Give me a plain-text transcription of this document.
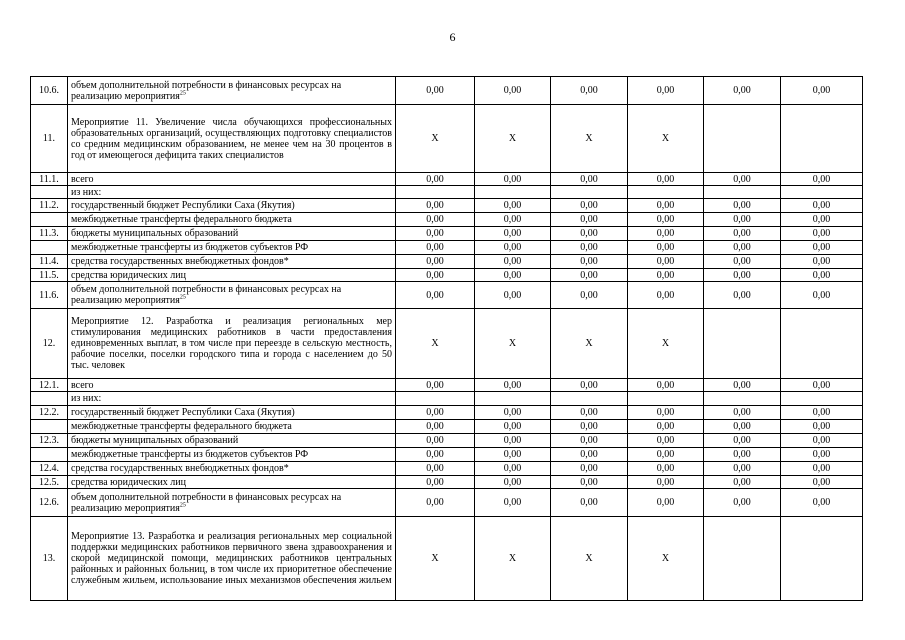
6
10.6.	объем дополнительной потребности в финансовых ресурсах на реализацию мероприятия$^{25}$	0,00	0,00	0,00	0,00	0,00	0,00
11.	Мероприятие 11. Увеличение числа обучающихся профессиональных образовательных организаций, осуществляющих подготовку специалистов со средним медицинским образованием, не менее чем на 30 процентов в год от имеющегося дефицита таких специалистов	Х	Х	Х	Х		
11.1.	всего	0,00	0,00	0,00	0,00	0,00	0,00
	из них:						
11.2.	государственный бюджет Республики Саха (Якутия)	0,00	0,00	0,00	0,00	0,00	0,00
	межбюджетные трансферты федерального бюджета	0,00	0,00	0,00	0,00	0,00	0,00
11.3.	бюджеты муниципальных образований	0,00	0,00	0,00	0,00	0,00	0,00
	межбюджетные трансферты из бюджетов субъектов РФ	0,00	0,00	0,00	0,00	0,00	0,00
11.4.	средства государственных внебюджетных фондов*	0,00	0,00	0,00	0,00	0,00	0,00
11.5.	средства юридических лиц	0,00	0,00	0,00	0,00	0,00	0,00
11.6.	объем дополнительной потребности в финансовых ресурсах на реализацию мероприятия$^{25}$	0,00	0,00	0,00	0,00	0,00	0,00
12.	Мероприятие 12. Разработка и реализация региональных мер стимулирования медицинских работников в части предоставления единовременных выплат, в том числе при переезде в сельскую местность, рабочие поселки, поселки городского типа и города с населением до 50 тыс. человек	Х	Х	Х	Х		
12.1.	всего	0,00	0,00	0,00	0,00	0,00	0,00
	из них:						
12.2.	государственный бюджет Республики Саха (Якутия)	0,00	0,00	0,00	0,00	0,00	0,00
	межбюджетные трансферты федерального бюджета	0,00	0,00	0,00	0,00	0,00	0,00
12.3.	бюджеты муниципальных образований	0,00	0,00	0,00	0,00	0,00	0,00
	межбюджетные трансферты из бюджетов субъектов РФ	0,00	0,00	0,00	0,00	0,00	0,00
12.4.	средства государственных внебюджетных фондов*	0,00	0,00	0,00	0,00	0,00	0,00
12.5.	средства юридических лиц	0,00	0,00	0,00	0,00	0,00	0,00
12.6.	объем дополнительной потребности в финансовых ресурсах на реализацию мероприятия$^{25}$	0,00	0,00	0,00	0,00	0,00	0,00
13.	Мероприятие 13. Разработка и реализация региональных мер социальной поддержки медицинских работников первичного звена здравоохранения и скорой медицинской помощи, медицинских работников центральных районных и районных больниц, в том числе их приоритетное обеспечение служебным жильем, использование иных механизмов обеспечения жильем	Х	Х	Х	Х		
